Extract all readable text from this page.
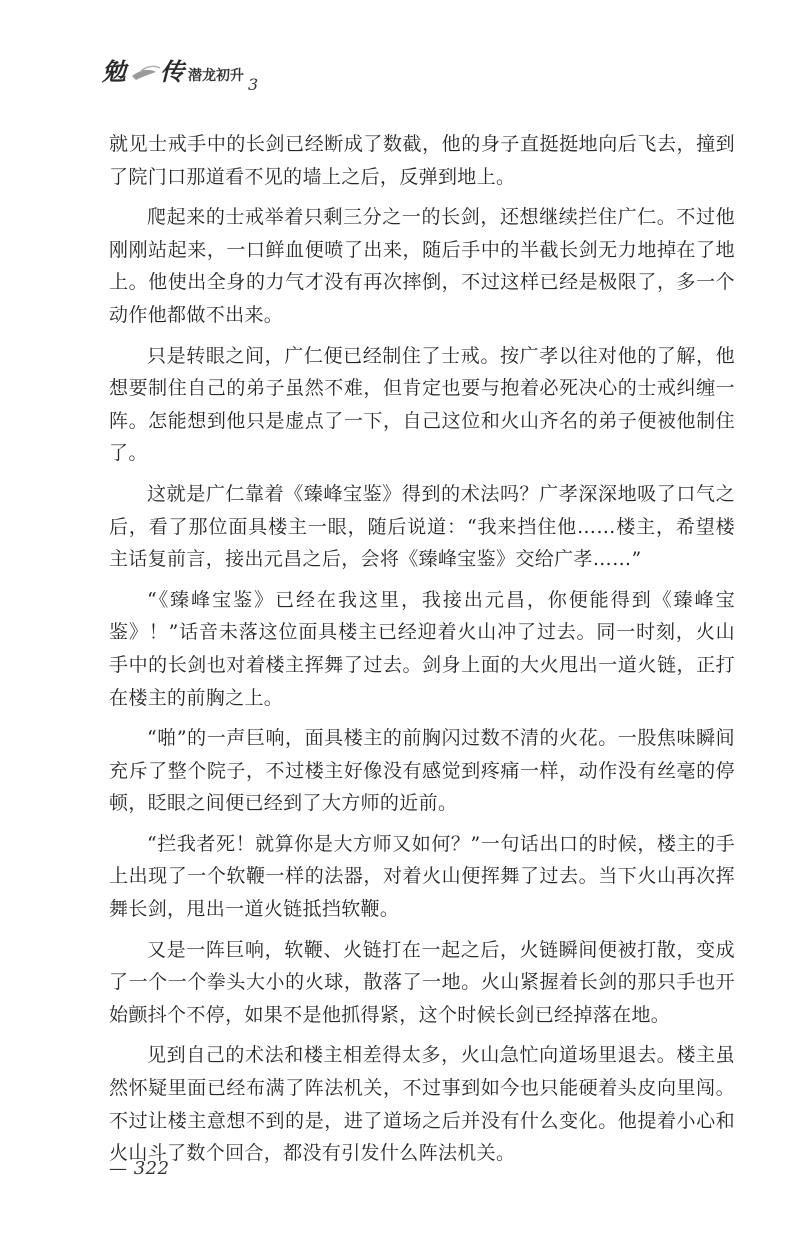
勉 传 潜龙初升 3

就见士戒手中的长剑已经断成了数截，他的身子直挺挺地向后飞去，撞到了院门口那道看不见的墙上之后，反弹到地上。

爬起来的士戒举着只剩三分之一的长剑，还想继续拦住广仁。不过他刚刚站起来，一口鲜血便喷了出来，随后手中的半截长剑无力地掉在了地上。他使出全身的力气才没有再次摔倒，不过这样已经是极限了，多一个动作他都做不出来。

只是转眼之间，广仁便已经制住了士戒。按广孝以往对他的了解，他想要制住自己的弟子虽然不难，但肯定也要与抱着必死决心的士戒纠缠一阵。怎能想到他只是虚点了一下，自己这位和火山齐名的弟子便被他制住了。

这就是广仁靠着《臻峰宝鉴》得到的术法吗？广孝深深地吸了口气之后，看了那位面具楼主一眼，随后说道：“我来挡住他……楼主，希望楼主话复前言，接出元昌之后，会将《臻峰宝鉴》交给广孝……”

“《臻峰宝鉴》已经在我这里，我接出元昌，你便能得到《臻峰宝鉴》！”话音未落这位面具楼主已经迎着火山冲了过去。同一时刻，火山手中的长剑也对着楼主挥舞了过去。剑身上面的大火甩出一道火链，正打在楼主的前胸之上。

“啪”的一声巨响，面具楼主的前胸闪过数不清的火花。一股焦味瞬间充斥了整个院子，不过楼主好像没有感觉到疼痛一样，动作没有丝毫的停顿，眨眼之间便已经到了大方师的近前。

“拦我者死！就算你是大方师又如何？”一句话出口的时候，楼主的手上出现了一个软鞭一样的法器，对着火山便挥舞了过去。当下火山再次挥舞长剑，甩出一道火链抵挡软鞭。

又是一阵巨响，软鞭、火链打在一起之后，火链瞬间便被打散，变成了一个一个拳头大小的火球，散落了一地。火山紧握着长剑的那只手也开始颤抖个不停，如果不是他抓得紧，这个时候长剑已经掉落在地。

见到自己的术法和楼主相差得太多，火山急忙向道场里退去。楼主虽然怀疑里面已经布满了阵法机关，不过事到如今也只能硬着头皮向里闯。不过让楼主意想不到的是，进了道场之后并没有什么变化。他提着小心和火山斗了数个回合，都没有引发什么阵法机关。

— 322
